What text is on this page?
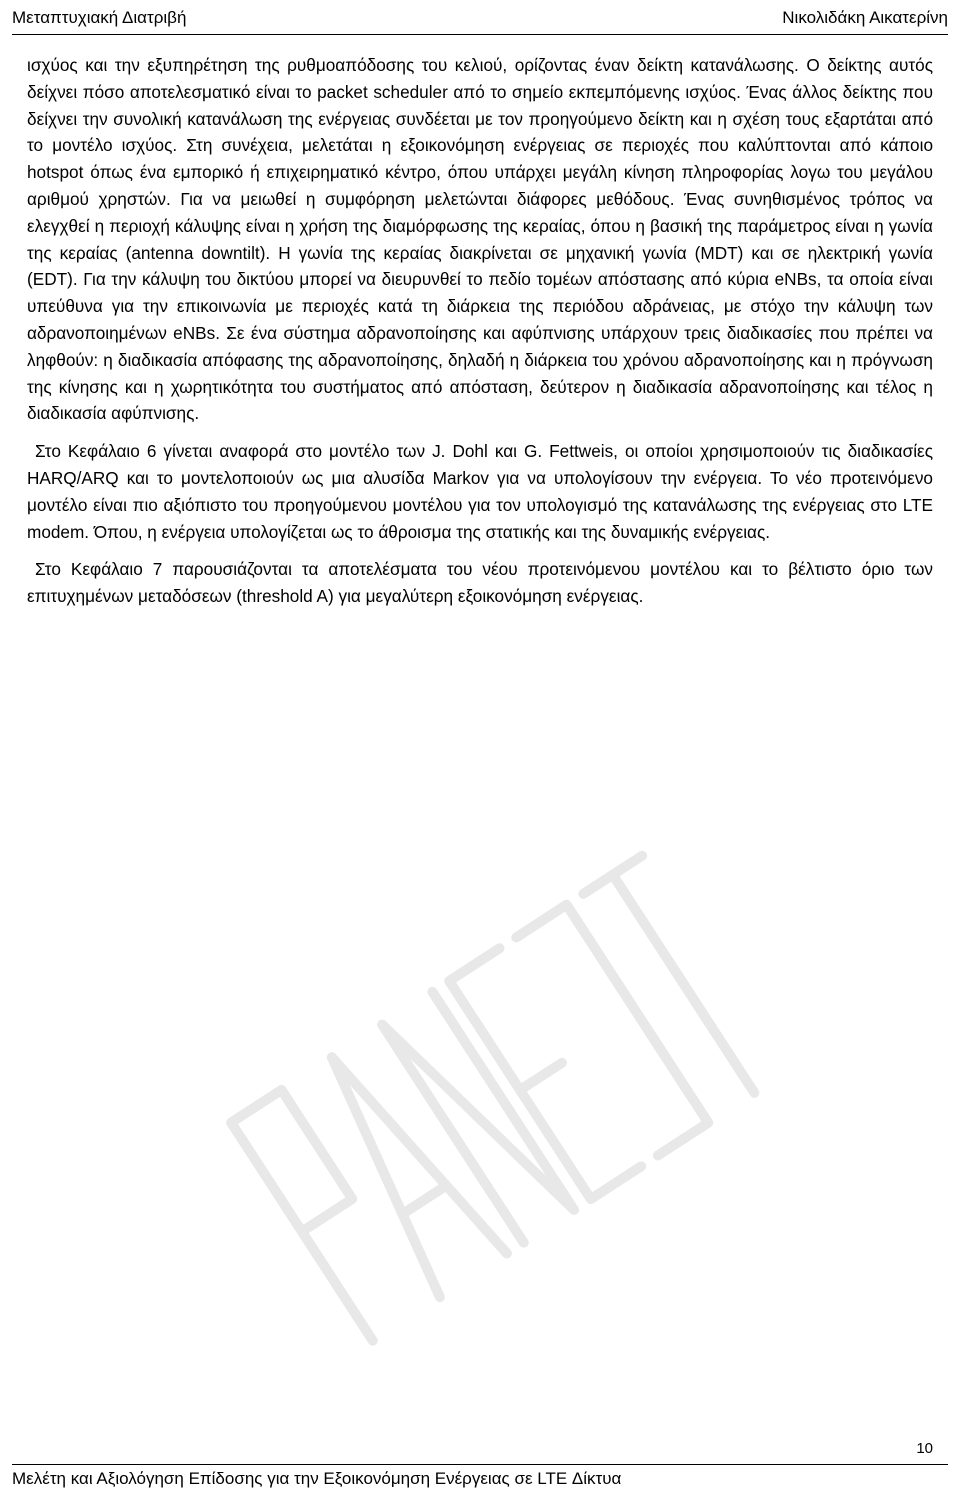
Μεταπτυχιακή Διατριβή	Νικολιδάκη Αικατερίνη

ισχύος και την εξυπηρέτηση της ρυθμοαπόδοσης του κελιού, ορίζοντας έναν δείκτη κατανάλωσης. Ο δείκτης αυτός δείχνει πόσο αποτελεσματικό είναι το packet scheduler από το σημείο εκπεμπόμενης ισχύος. Ένας άλλος δείκτης που δείχνει την συνολική κατανάλωση της ενέργειας συνδέεται με τον προηγούμενο δείκτη και η σχέση τους εξαρτάται από το μοντέλο ισχύος. Στη συνέχεια, μελετάται η εξοικονόμηση ενέργειας σε περιοχές που καλύπτονται από κάποιο hotspot όπως ένα εμπορικό ή επιχειρηματικό κέντρο, όπου υπάρχει μεγάλη κίνηση πληροφορίας λογω του μεγάλου αριθμού χρηστών. Για να μειωθεί η συμφόρηση μελετώνται διάφορες μεθόδους. Ένας συνηθισμένος τρόπος να ελεγχθεί η περιοχή κάλυψης είναι η χρήση της διαμόρφωσης της κεραίας, όπου η βασική της παράμετρος είναι η γωνία της κεραίας (antenna downtilt). Η γωνία της κεραίας διακρίνεται σε μηχανική γωνία (MDT) και σε ηλεκτρική γωνία (EDT). Για την κάλυψη του δικτύου μπορεί να διευρυνθεί το πεδίο τομέων απόστασης από κύρια eNBs, τα οποία είναι υπεύθυνα για την επικοινωνία με περιοχές κατά τη διάρκεια της περιόδου αδράνειας, με στόχο την κάλυψη των αδρανοποιημένων eNBs. Σε ένα σύστημα αδρανοποίησης και αφύπνισης υπάρχουν τρεις διαδικασίες που πρέπει να ληφθούν: η διαδικασία απόφασης της αδρανοποίησης, δηλαδή η διάρκεια του χρόνου αδρανοποίησης και η πρόγνωση της κίνησης και η χωρητικότητα του συστήματος από απόσταση, δεύτερον η διαδικασία αδρανοποίησης και τέλος η διαδικασία αφύπνισης.

Στο Κεφάλαιο 6 γίνεται αναφορά στο μοντέλο των J. Dohl και G. Fettweis, οι οποίοι χρησιμοποιούν τις διαδικασίες HARQ/ARQ και το μοντελοποιούν ως μια αλυσίδα Markov για να υπολογίσουν την ενέργεια. Το νέο προτεινόμενο μοντέλο είναι πιο αξιόπιστο του προηγούμενου μοντέλου για τον υπολογισμό της κατανάλωσης της ενέργειας στο LTE modem. Όπου, η ενέργεια υπολογίζεται ως το άθροισμα της στατικής και της δυναμικής ενέργειας.

Στο Κεφάλαιο 7 παρουσιάζονται τα αποτελέσματα του νέου προτεινόμενου μοντέλου και το βέλτιστο όριο των επιτυχημένων μεταδόσεων (threshold A) για μεγαλύτερη εξοικονόμηση ενέργειας.

10
Μελέτη και Αξιολόγηση Επίδοσης για την Εξοικονόμηση Ενέργειας σε LTE Δίκτυα
